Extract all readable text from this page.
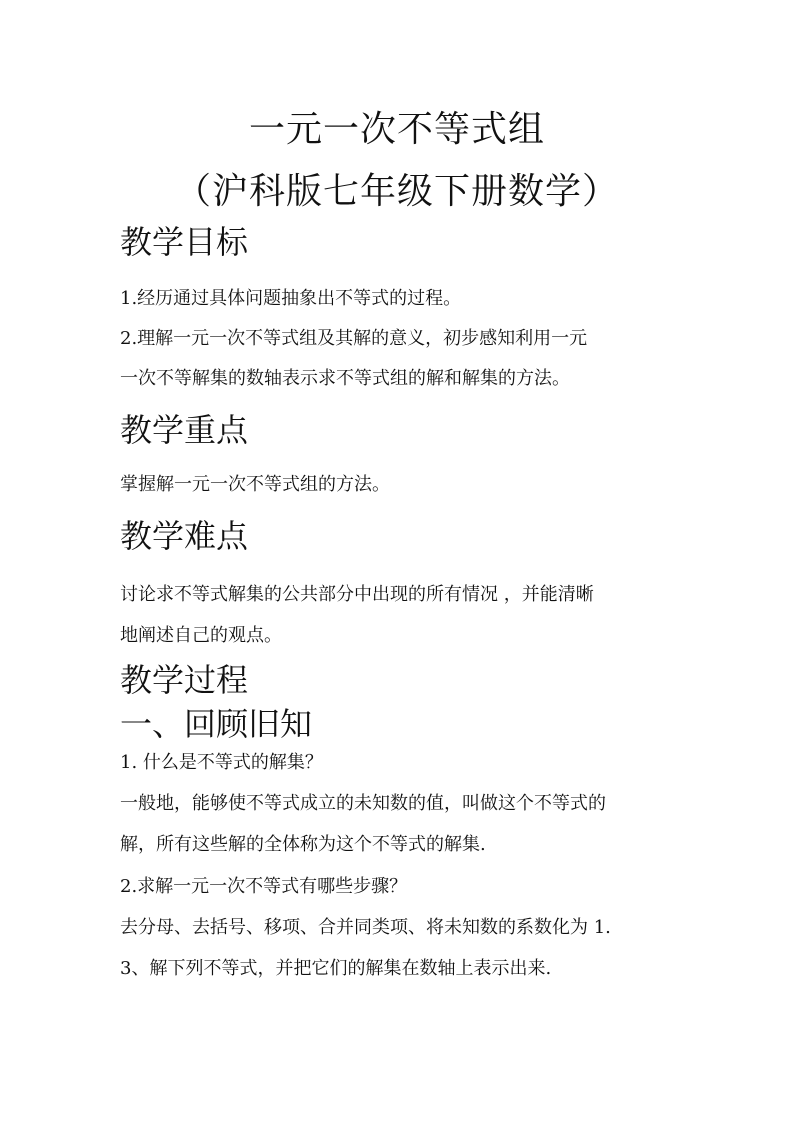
一元一次不等式组
（沪科版七年级下册数学）
教学目标

1.经历通过具体问题抽象出不等式的过程。

2.理解一元一次不等式组及其解的意义，初步感知利用一元

一次不等解集的数轴表示求不等式组的解和解集的方法。

教学重点

掌握解一元一次不等式组的方法。

教学难点

讨论求不等式解集的公共部分中出现的所有情况 ，并能清晰

地阐述自己的观点。

教学过程
一、回顾旧知

1. 什么是不等式的解集？

一般地，能够使不等式成立的未知数的值，叫做这个不等式的

解，所有这些解的全体称为这个不等式的解集.

2.求解一元一次不等式有哪些步骤？

去分母、去括号、移项、合并同类项、将未知数的系数化为 1.

3、解下列不等式，并把它们的解集在数轴上表示出来.
